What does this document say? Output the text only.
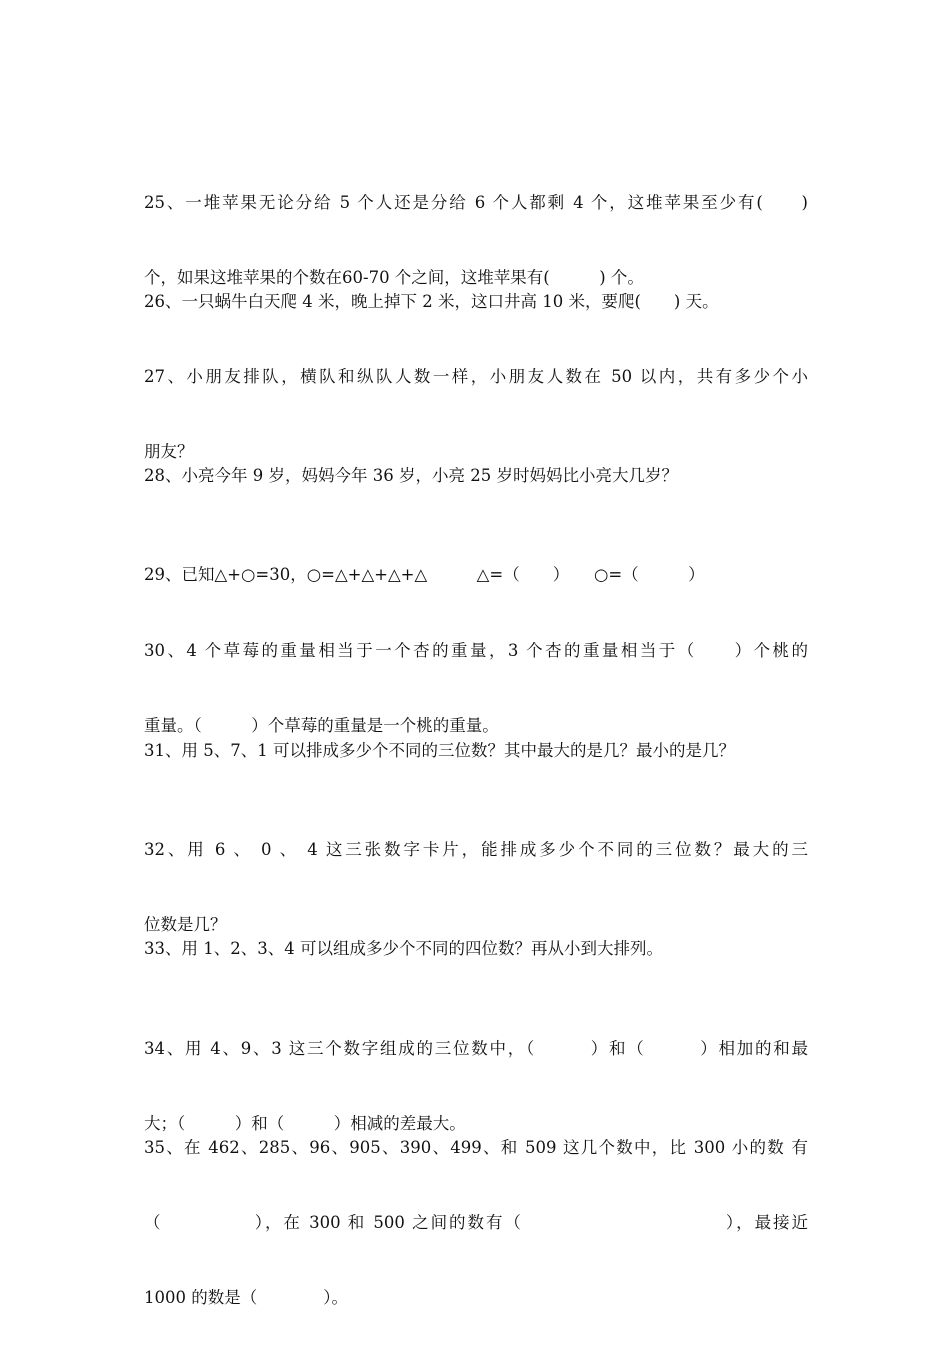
25、一堆苹果无论分给 5 个人还是分给 6 个人都剩 4 个，这堆苹果至少有(　　)

个，如果这堆苹果的个数在60-70 个之间，这堆苹果有(　　　) 个。

26、一只蜗牛白天爬 4 米，晚上掉下 2 米，这口井高 10 米，要爬(　　) 天。

27、小朋友排队，横队和纵队人数一样，小朋友人数在 50 以内，共有多少个小

朋友？

28、小亮今年 9 岁，妈妈今年 36 岁，小亮 25 岁时妈妈比小亮大几岁？

29、已知△+○=30，○=△+△+△+△　　　△=（　　）　　○=（　　　）

30、4 个草莓的重量相当于一个杏的重量，3 个杏的重量相当于（　　）个桃的

重量。（　　　）个草莓的重量是一个桃的重量。

31、用 5、7、1 可以排成多少个不同的三位数？其中最大的是几？最小的是几？

32、用 6 、 0 、 4 这三张数字卡片，能排成多少个不同的三位数？最大的三

位数是几？

33、用 1、2、3、4 可以组成多少个不同的四位数？再从小到大排列。

34、用 4、9、3 这三个数字组成的三位数中，（　　　）和（　　　）相加的和最

大；（　　　）和（　　　）相减的差最大。

35、在 462、285、96、905、390、499、和 509 这几个数中，比 300 小的数 有

（　　　　　），在 300 和 500 之间的数有（　　　　　　　　　　　），最接近

1000 的数是（　　　　）。
